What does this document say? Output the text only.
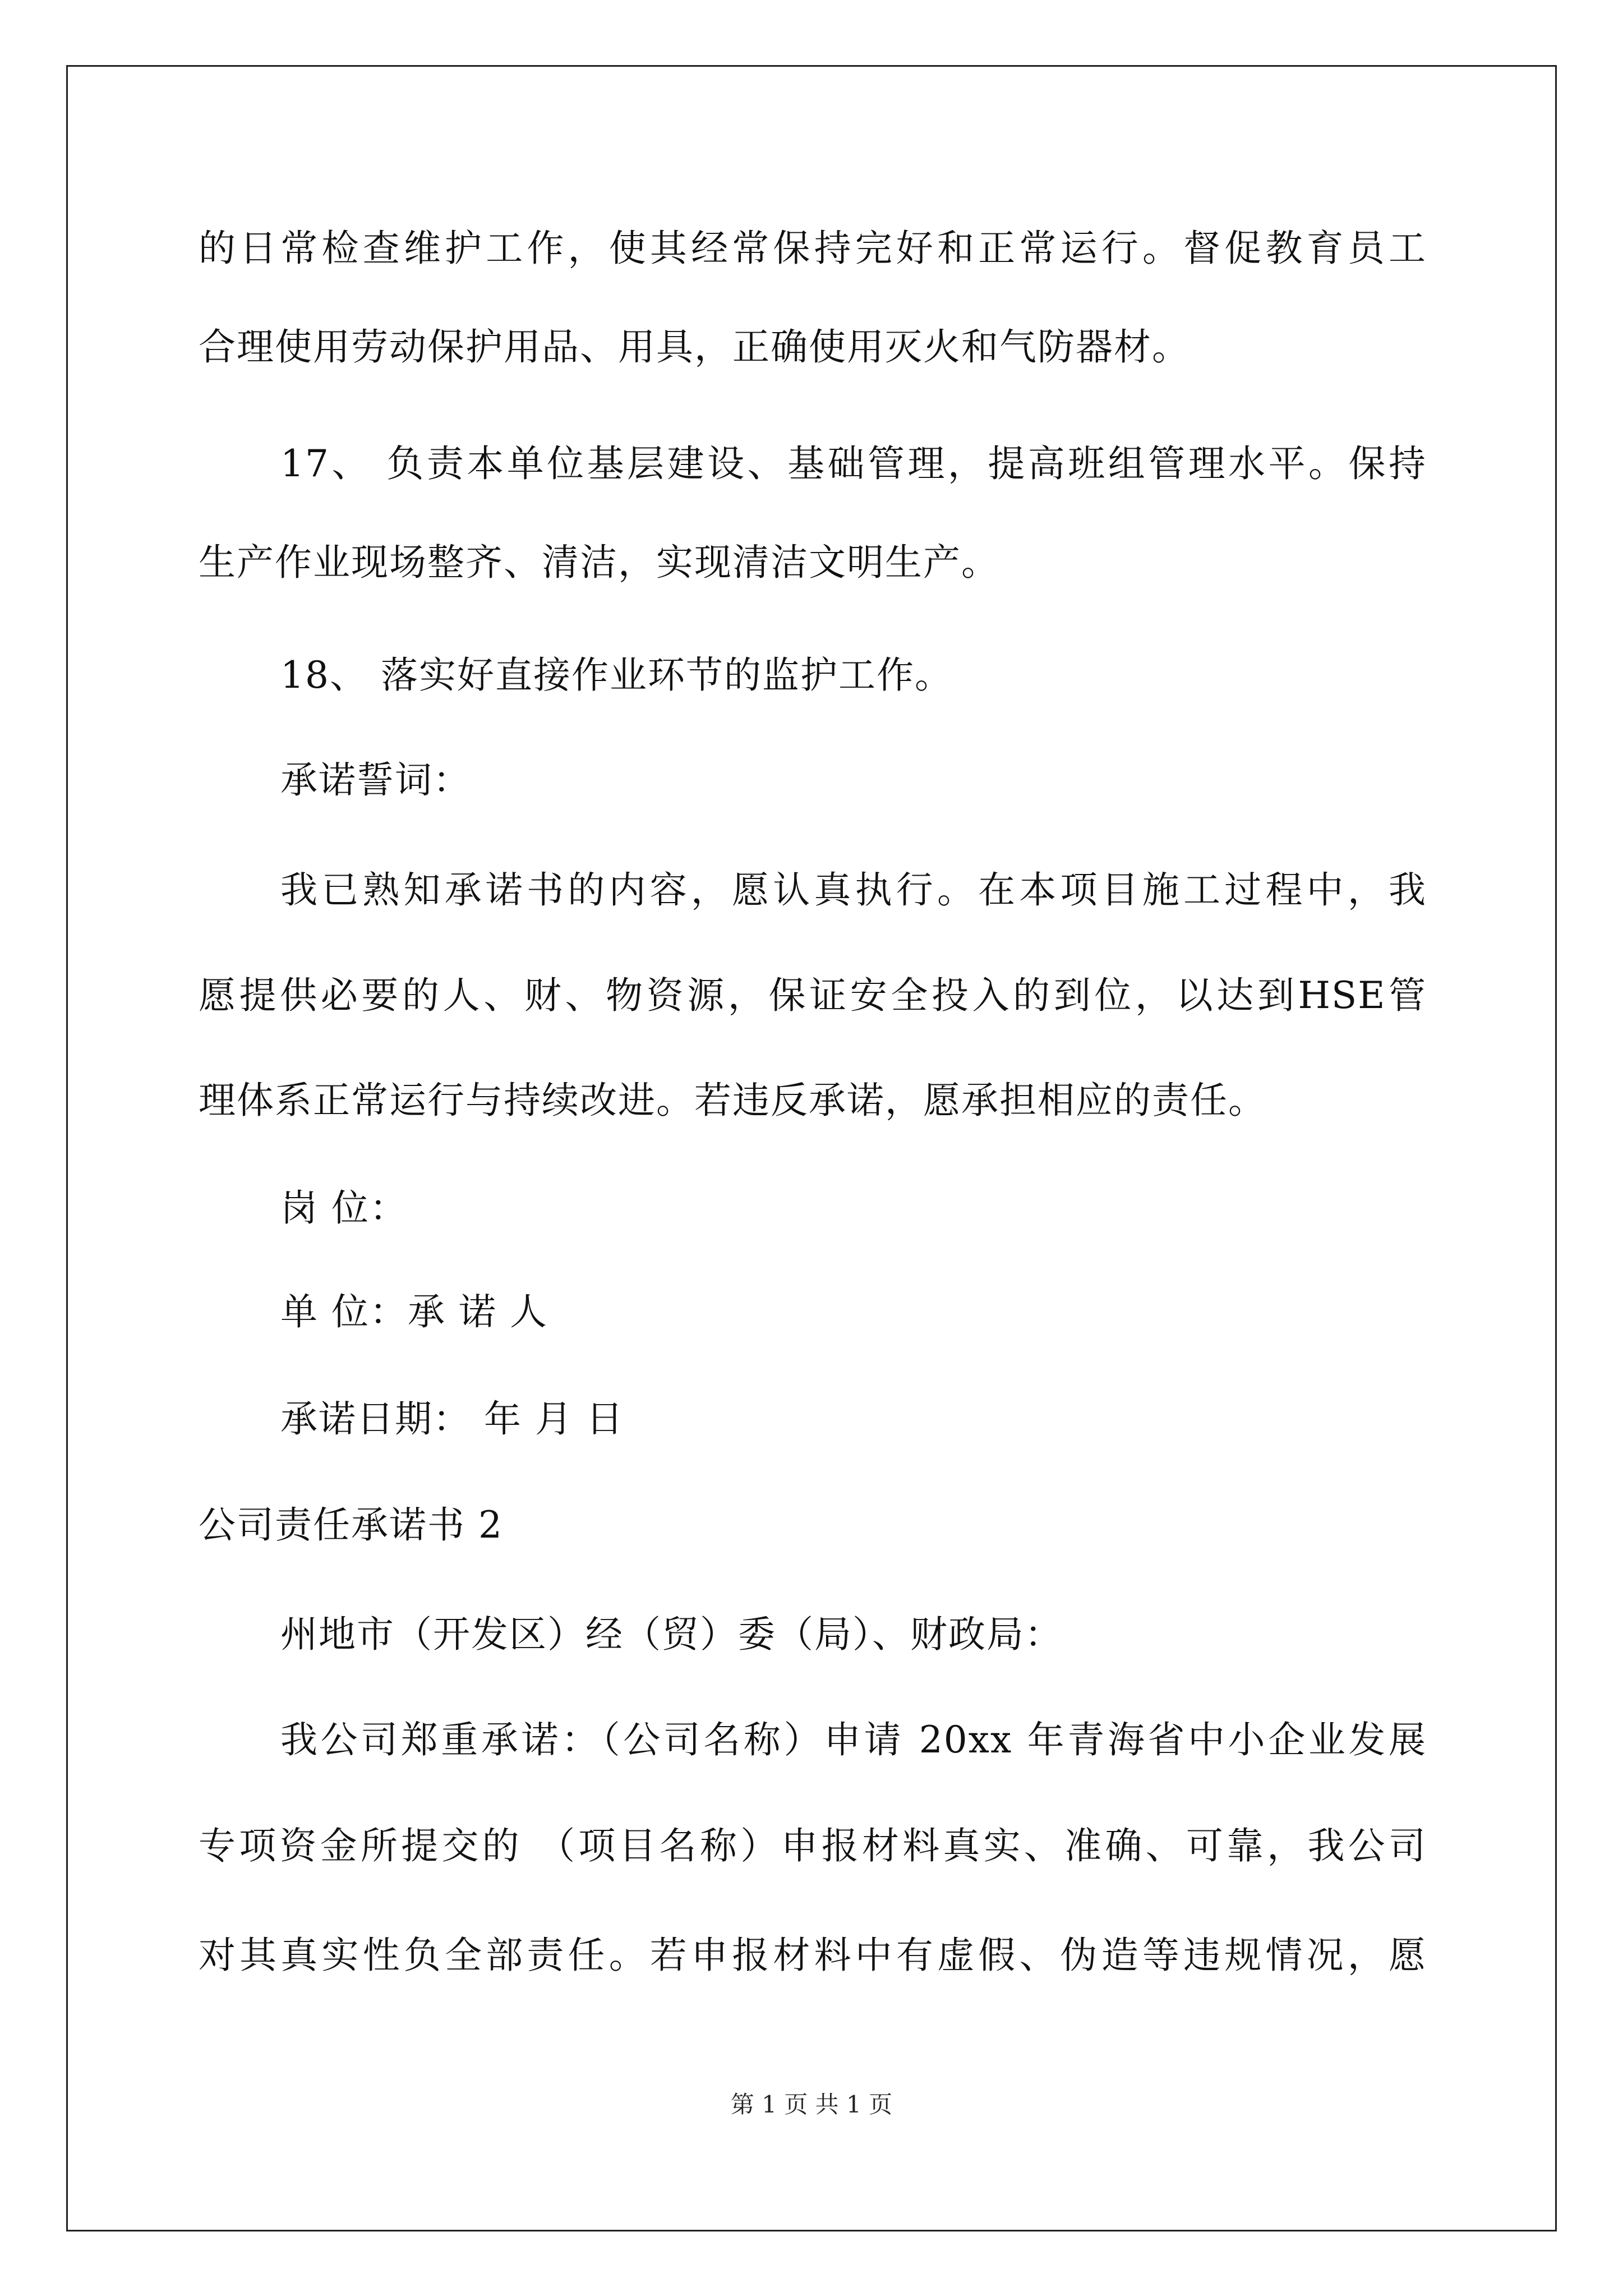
的日常检查维护工作，使其经常保持完好和正常运行。督促教育员工
合理使用劳动保护用品、用具，正确使用灭火和气防器材。
17、 负责本单位基层建设、基础管理，提高班组管理水平。保持
生产作业现场整齐、清洁，实现清洁文明生产。
18、 落实好直接作业环节的监护工作。
承诺誓词：
我已熟知承诺书的内容，愿认真执行。在本项目施工过程中，我
愿提供必要的人、财、物资源，保证安全投入的到位，以达到HSE管
理体系正常运行与持续改进。若违反承诺，愿承担相应的责任。
岗 位：
单 位：承 诺 人
承诺日期： 年 月 日
公司责任承诺书 2
州地市（开发区）经（贸）委（局）、财政局：
我公司郑重承诺：（公司名称）申请 20xx 年青海省中小企业发展
专项资金所提交的 （项目名称）申报材料真实、准确、可靠，我公司
对其真实性负全部责任。若申报材料中有虚假、伪造等违规情况，愿
第 1 页 共 1 页
